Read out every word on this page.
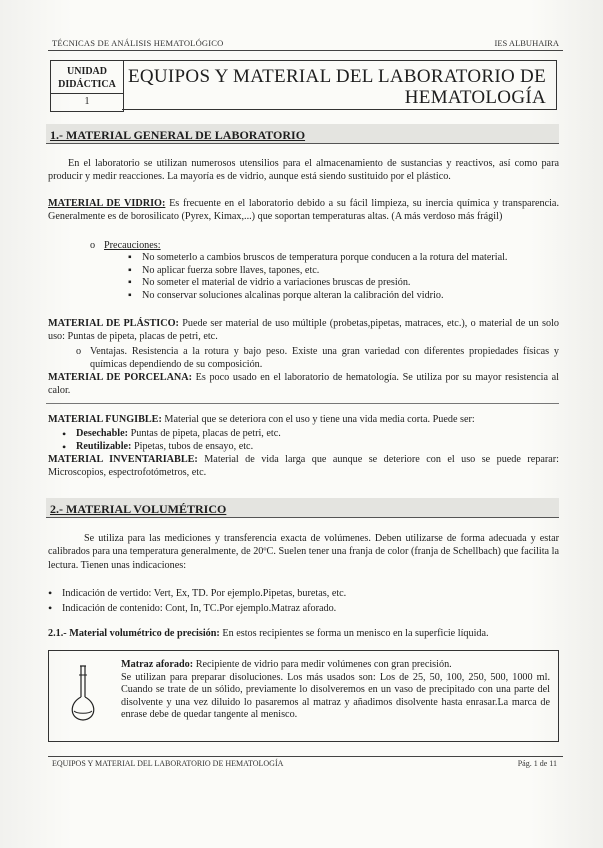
TÉCNICAS DE ANÁLISIS HEMATOLÓGICO	IES ALBUHAIRA
UNIDAD
DIDÁCTICA
1
EQUIPOS Y MATERIAL DEL LABORATORIO DE
HEMATOLOGÍA
1.- MATERIAL GENERAL DE LABORATORIO
En el laboratorio se utilizan numerosos utensilios para el almacenamiento de sustancias y reactivos, así como para producir y medir reacciones. La mayoría es de vidrio, aunque está siendo sustituido por el plástico.
MATERIAL DE VIDRIO: Es frecuente en el laboratorio debido a su fácil limpieza, su inercia química y transparencia. Generalmente es de borosilicato (Pyrex, Kimax,...) que soportan temperaturas altas. (A más verdoso más frágil)
Precauciones:
▪ No someterlo a cambios bruscos de temperatura porque conducen a la rotura del material.
▪ No aplicar fuerza sobre llaves, tapones, etc.
▪ No someter el material de vidrio a variaciones bruscas de presión.
▪ No conservar soluciones alcalinas porque alteran la calibración del vidrio.
MATERIAL DE PLÁSTICO: Puede ser material de uso múltiple (probetas,pipetas, matraces, etc.), o material de un solo uso: Puntas de pipeta, placas de petri, etc.
Ventajas. Resistencia a la rotura y bajo peso. Existe una gran variedad con diferentes propiedades físicas y químicas dependiendo de su composición.
MATERIAL DE PORCELANA: Es poco usado en el laboratorio de hematología. Se utiliza por su mayor resistencia al calor.
MATERIAL FUNGIBLE: Material que se deteriora con el uso y tiene una vida media corta. Puede ser:
• Desechable: Puntas de pipeta, placas de petri, etc.
• Reutilizable: Pipetas, tubos de ensayo, etc.
MATERIAL INVENTARIABLE: Material de vida larga que aunque se deteriore con el uso se puede reparar: Microscopios, espectrofotómetros, etc.
2.- MATERIAL VOLUMÉTRICO
Se utiliza para las mediciones y transferencia exacta de volúmenes. Deben utilizarse de forma adecuada y estar calibrados para una temperatura generalmente, de 20ºC. Suelen tener una franja de color (franja de Schellbach) que facilita la lectura. Tienen unas indicaciones:
• Indicación de vertido: Vert, Ex, TD. Por ejemplo.Pipetas, buretas, etc.
• Indicación de contenido: Cont, In, TC.Por ejemplo.Matraz aforado.
2.1.- Material volumétrico de precisión: En estos recipientes se forma un menisco en la superficie líquida.
Matraz aforado: Recipiente de vidrio para medir volúmenes con gran precisión.
Se utilizan para preparar disoluciones. Los más usados son: Los de 25, 50, 100, 250, 500, 1000 ml. Cuando se trate de un sólido, previamente lo disolveremos en un vaso de precipitado con una parte del disolvente y una vez diluido lo pasaremos al matraz y añadimos disolvente hasta enrasar.La marca de enrase debe de quedar tangente al menisco.
EQUIPOS Y MATERIAL DEL LABORATORIO DE HEMATOLOGÍA	Pág. 1 de 11
